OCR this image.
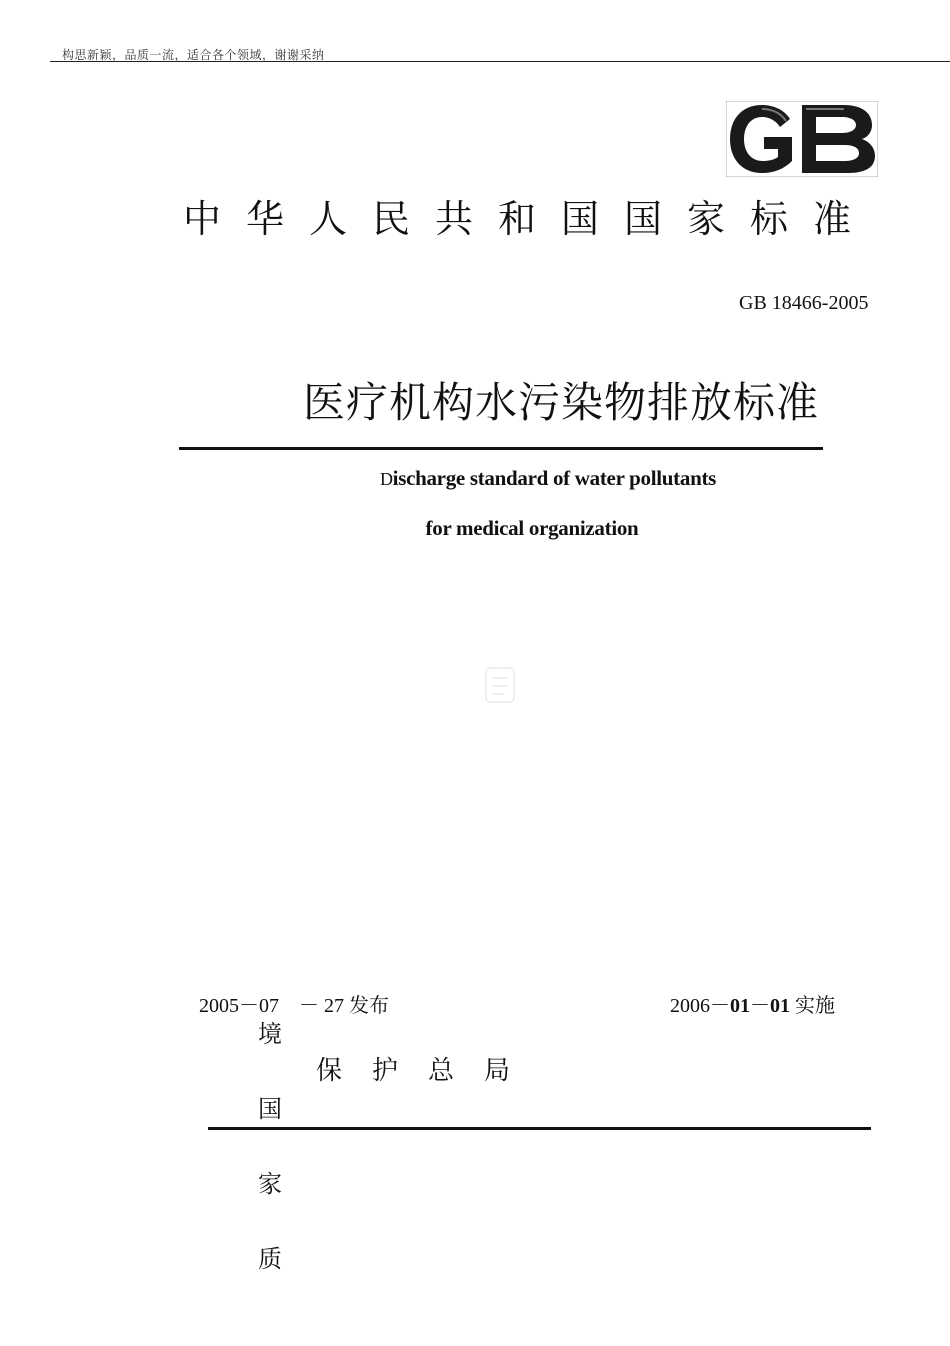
构思新颖，品质一流，适合各个领域，谢谢采纳
中华人民共和国国家标准
GB 18466-2005
医疗机构水污染物排放标准
Discharge standard of water pollutants
for medical organization
2005－07　－ 27 发布	2006－01－01 实施
境
保护总局
国
家
质
